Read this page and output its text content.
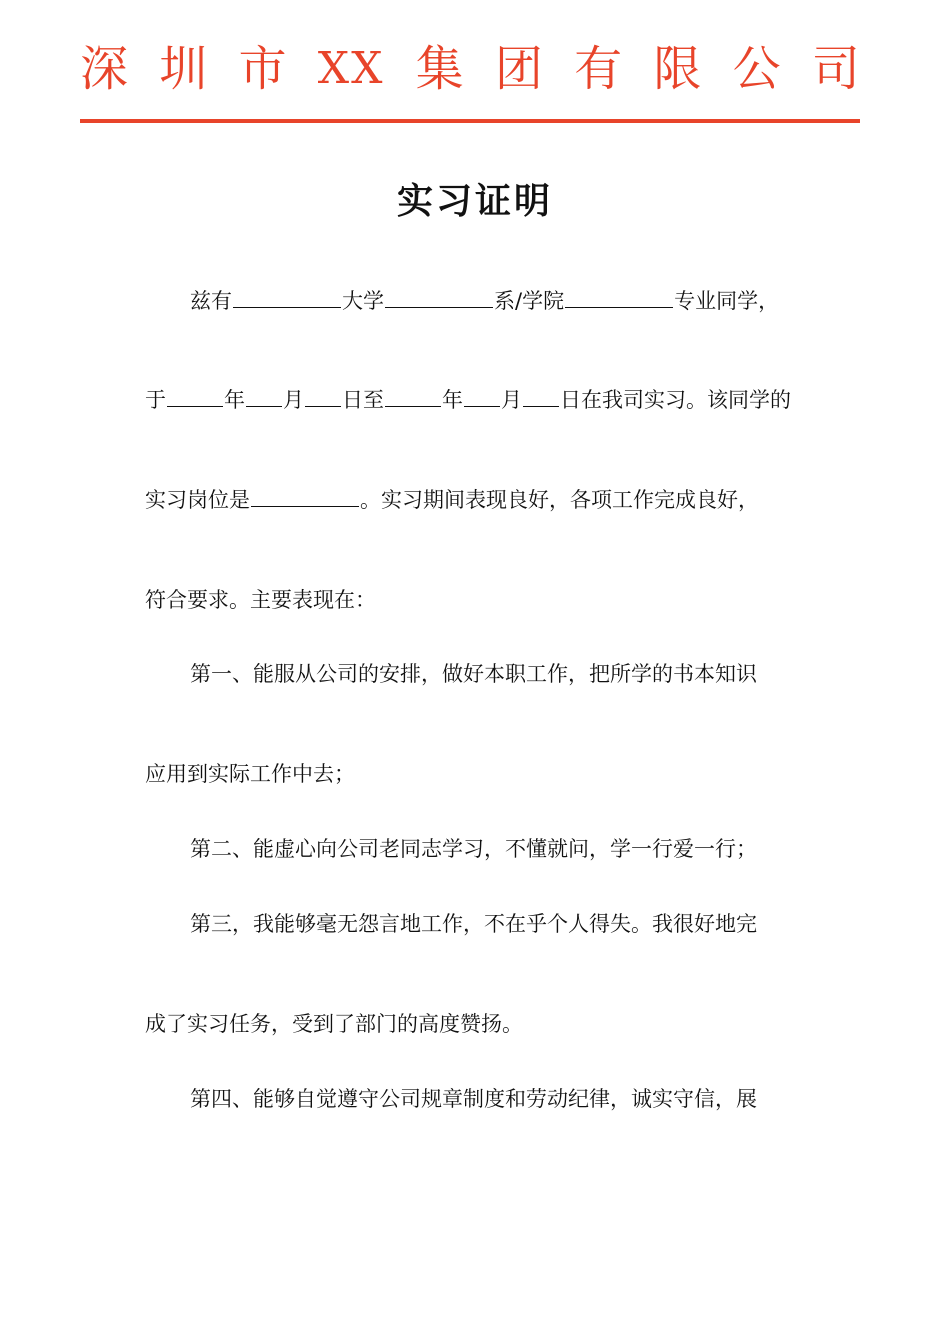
深 圳 市 XX 集 团 有 限 公 司
实习证明
兹有	大学	系/学院	专业同学，
于	年 月 日至	年 月 日在我司实习。该同学的
实习岗位是	。实习期间表现良好，各项工作完成良好，
符合要求。主要表现在：
第一、能服从公司的安排，做好本职工作，把所学的书本知识
应用到实际工作中去；
第二、能虚心向公司老同志学习，不懂就问，学一行爱一行；
第三，我能够毫无怨言地工作，不在乎个人得失。我很好地完
成了实习任务，受到了部门的高度赞扬。
第四、能够自觉遵守公司规章制度和劳动纪律，诚实守信，展
